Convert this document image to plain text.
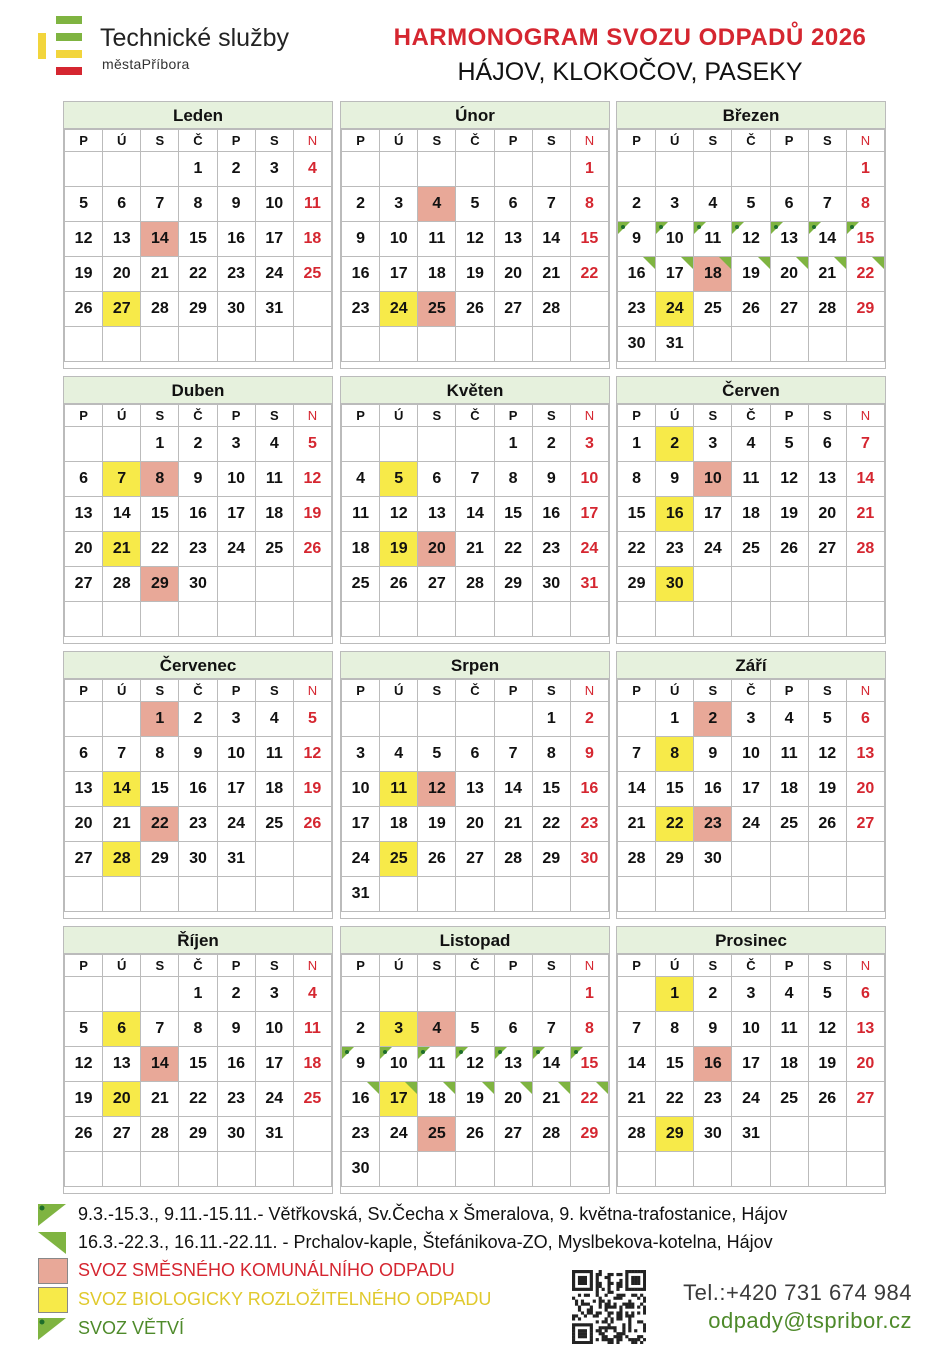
Technické služby
městaPříbora
HARMONOGRAM SVOZU ODPADŮ 2026
HÁJOV, KLOKOČOV, PASEKY
Leden
P	Ú	S	Č	P	S	N
			1	2	3	4
5	6	7	8	9	10	11
12	13	14	15	16	17	18
19	20	21	22	23	24	25
26	27	28	29	30	31	

Únor
P	Ú	S	Č	P	S	N
						1
2	3	4	5	6	7	8
9	10	11	12	13	14	15
16	17	18	19	20	21	22
23	24	25	26	27	28	

Březen
P	Ú	S	Č	P	S	N
						1
2	3	4	5	6	7	8
9	10	11	12	13	14	15

16	17	18	19	20	21	22

23	24	25	26	27	28	29
30	31					
Duben
P	Ú	S	Č	P	S	N
		1	2	3	4	5
6	7	8	9	10	11	12
13	14	15	16	17	18	19
20	21	22	23	24	25	26
27	28	29	30			

Květen
P	Ú	S	Č	P	S	N
				1	2	3
4	5	6	7	8	9	10
11	12	13	14	15	16	17
18	19	20	21	22	23	24
25	26	27	28	29	30	31

Červen
P	Ú	S	Č	P	S	N
1	2	3	4	5	6	7
8	9	10	11	12	13	14
15	16	17	18	19	20	21
22	23	24	25	26	27	28
29	30					

Červenec
P	Ú	S	Č	P	S	N
		1	2	3	4	5
6	7	8	9	10	11	12
13	14	15	16	17	18	19
20	21	22	23	24	25	26
27	28	29	30	31		

Srpen
P	Ú	S	Č	P	S	N
					1	2
3	4	5	6	7	8	9
10	11	12	13	14	15	16
17	18	19	20	21	22	23
24	25	26	27	28	29	30
31						
Září
P	Ú	S	Č	P	S	N
	1	2	3	4	5	6
7	8	9	10	11	12	13
14	15	16	17	18	19	20
21	22	23	24	25	26	27
28	29	30				

Říjen
P	Ú	S	Č	P	S	N
			1	2	3	4
5	6	7	8	9	10	11
12	13	14	15	16	17	18
19	20	21	22	23	24	25
26	27	28	29	30	31	

Listopad
P	Ú	S	Č	P	S	N
						1
2	3	4	5	6	7	8
9	10	11	12	13	14	15

16	17	18	19	20	21	22

23	24	25	26	27	28	29
30						
Prosinec
P	Ú	S	Č	P	S	N
	1	2	3	4	5	6
7	8	9	10	11	12	13
14	15	16	17	18	19	20
21	22	23	24	25	26	27
28	29	30	31			

9.3.-15.3., 9.11.-15.11.- Větřkovská, Sv.Čecha x Šmeralova, 9. května-trafostanice, Hájov
16.3.-22.3., 16.11.-22.11. - Prchalov-kaple, Štefánikova-ZO, Myslbekova-kotelna, Hájov
SVOZ SMĚSNÉHO KOMUNÁLNÍHO ODPADU
SVOZ BIOLOGICKY ROZLOŽITELNÉHO ODPADU
SVOZ VĚTVÍ
Tel.:+420 731 674 984
odpady@tspribor.cz
